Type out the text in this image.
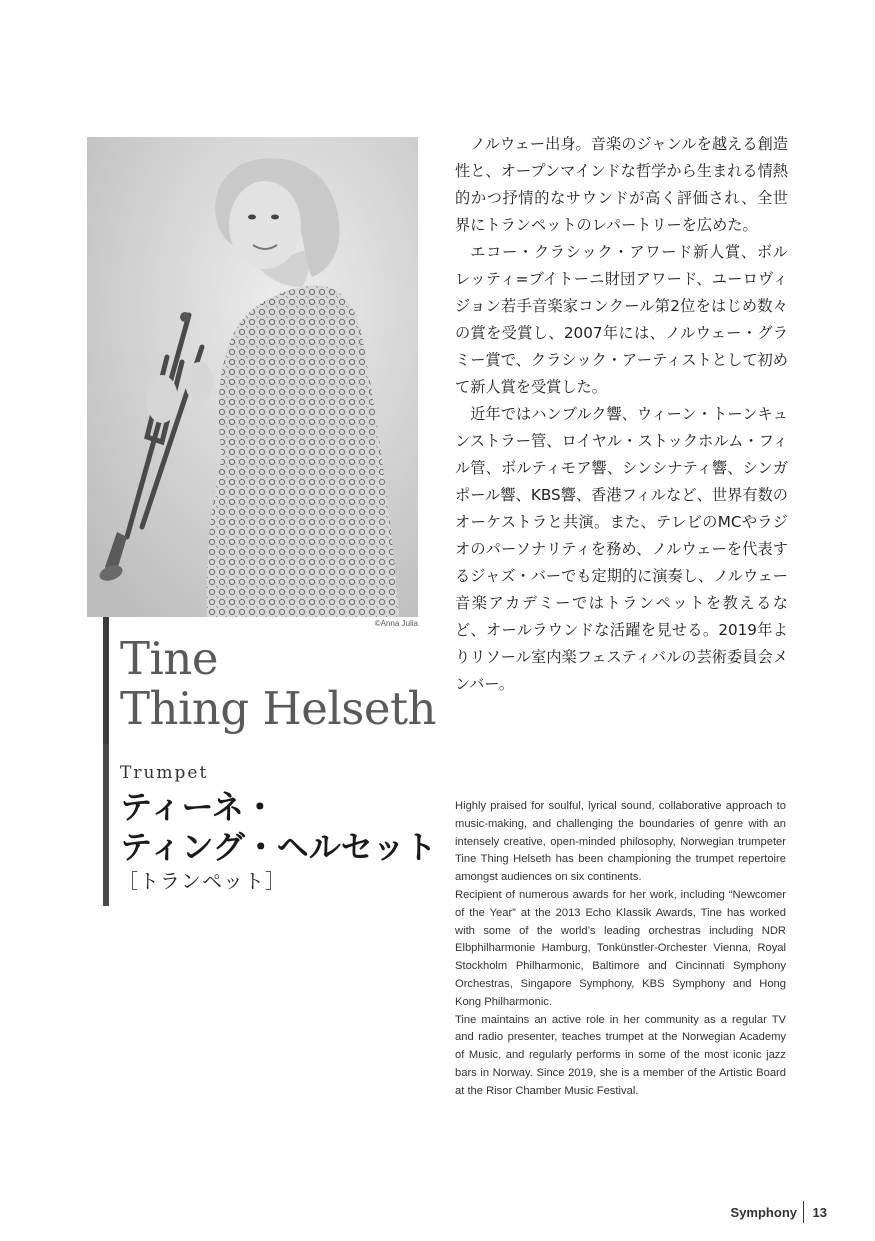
©Anna Julia
Tine
Thing Helseth
Trumpet
ティーネ・
ティング・ヘルセット
［トランペット］

ノルウェー出身。音楽のジャンルを越える創造性と、オープンマインドな哲学から生まれる情熱的かつ抒情的なサウンドが高く評価され、全世界にトランペットのレパートリーを広めた。

エコー・クラシック・アワード新人賞、ボルレッティ=ブイトーニ財団アワード、ユーロヴィジョン若手音楽家コンクール第2位をはじめ数々の賞を受賞し、2007年には、ノルウェー・グラミー賞で、クラシック・アーティストとして初めて新人賞を受賞した。

近年ではハンブルク響、ウィーン・トーンキュンストラー管、ロイヤル・ストックホルム・フィル管、ボルティモア響、シンシナティ響、シンガポール響、KBS響、香港フィルなど、世界有数のオーケストラと共演。また、テレビのMCやラジオのパーソナリティを務め、ノルウェーを代表するジャズ・バーでも定期的に演奏し、ノルウェー音楽アカデミーではトランペットを教えるなど、オールラウンドな活躍を見せる。2019年よりリソール室内楽フェスティバルの芸術委員会メンバー。

Highly praised for soulful, lyrical sound, collaborative approach to music-making, and challenging the boundaries of genre with an intensely creative, open-minded philosophy, Norwegian trumpeter Tine Thing Helseth has been championing the trumpet repertoire amongst audiences on six continents.

Recipient of numerous awards for her work, including “Newcomer of the Year” at the 2013 Echo Klassik Awards, Tine has worked with some of the world’s leading orchestras including NDR Elbphilharmonie Hamburg, Tonkünstler-Orchester Vienna, Royal Stockholm Philharmonic, Baltimore and Cincinnati Symphony Orchestras, Singapore Symphony, KBS Symphony and Hong Kong Philharmonic.

Tine maintains an active role in her community as a regular TV and radio presenter, teaches trumpet at the Norwegian Academy of Music, and regularly performs in some of the most iconic jazz bars in Norway. Since 2019, she is a member of the Artistic Board at the Risor Chamber Music Festival.

Symphony 13
